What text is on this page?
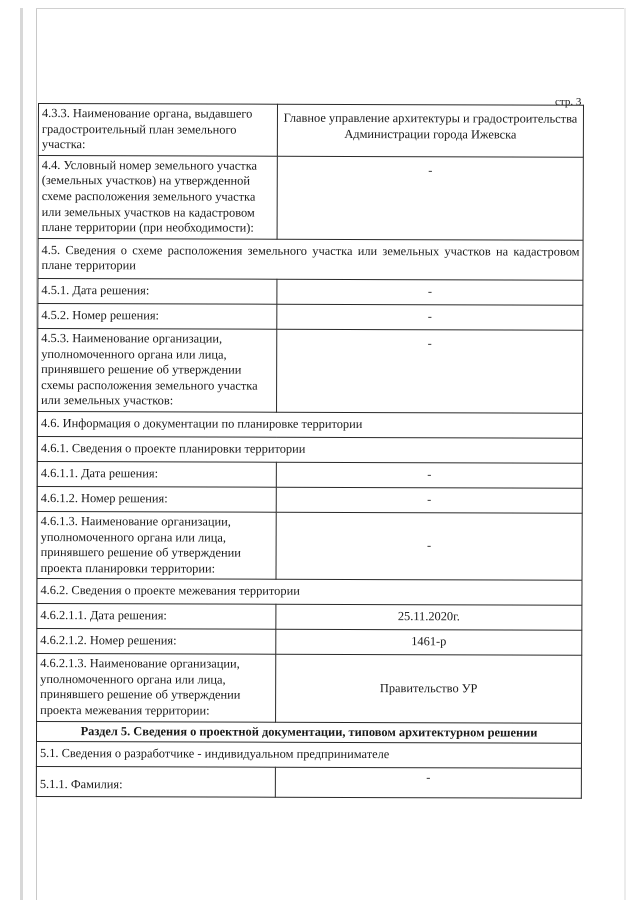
стр. 3
4.3.3. Наименование органа, выдавшего градостроительный план земельного участка:	Главное управление архитектуры и градостроительства Администрации города Ижевска
4.4. Условный номер земельного участка (земельных участков) на утвержденной схеме расположения земельного участка или земельных участков на кадастровом плане территории (при необходимости):	-
4.5. Сведения о схеме расположения земельного участка или земельных участков на кадастровом плане территории	
4.5.1. Дата решения:	-
4.5.2. Номер решения:	-
4.5.3. Наименование организации, уполномоченного органа или лица, принявшего решение об утверждении схемы расположения земельного участка или земельных участков:	-
4.6. Информация о документации по планировке территории	
4.6.1. Сведения о проекте планировки территории	
4.6.1.1. Дата решения:	-
4.6.1.2. Номер решения:	-
4.6.1.3. Наименование организации, уполномоченного органа или лица, принявшего решение об утверждении проекта планировки территории:	-
4.6.2. Сведения о проекте межевания территории	
4.6.2.1.1. Дата решения:	25.11.2020г.
4.6.2.1.2. Номер решения:	1461-р
4.6.2.1.3. Наименование организации, уполномоченного органа или лица, принявшего решение об утверждении проекта межевания территории:	Правительство УР
Раздел 5. Сведения о проектной документации, типовом архитектурном решении	
5.1. Сведения о разработчике - индивидуальном предпринимателе	
5.1.1. Фамилия:	-
